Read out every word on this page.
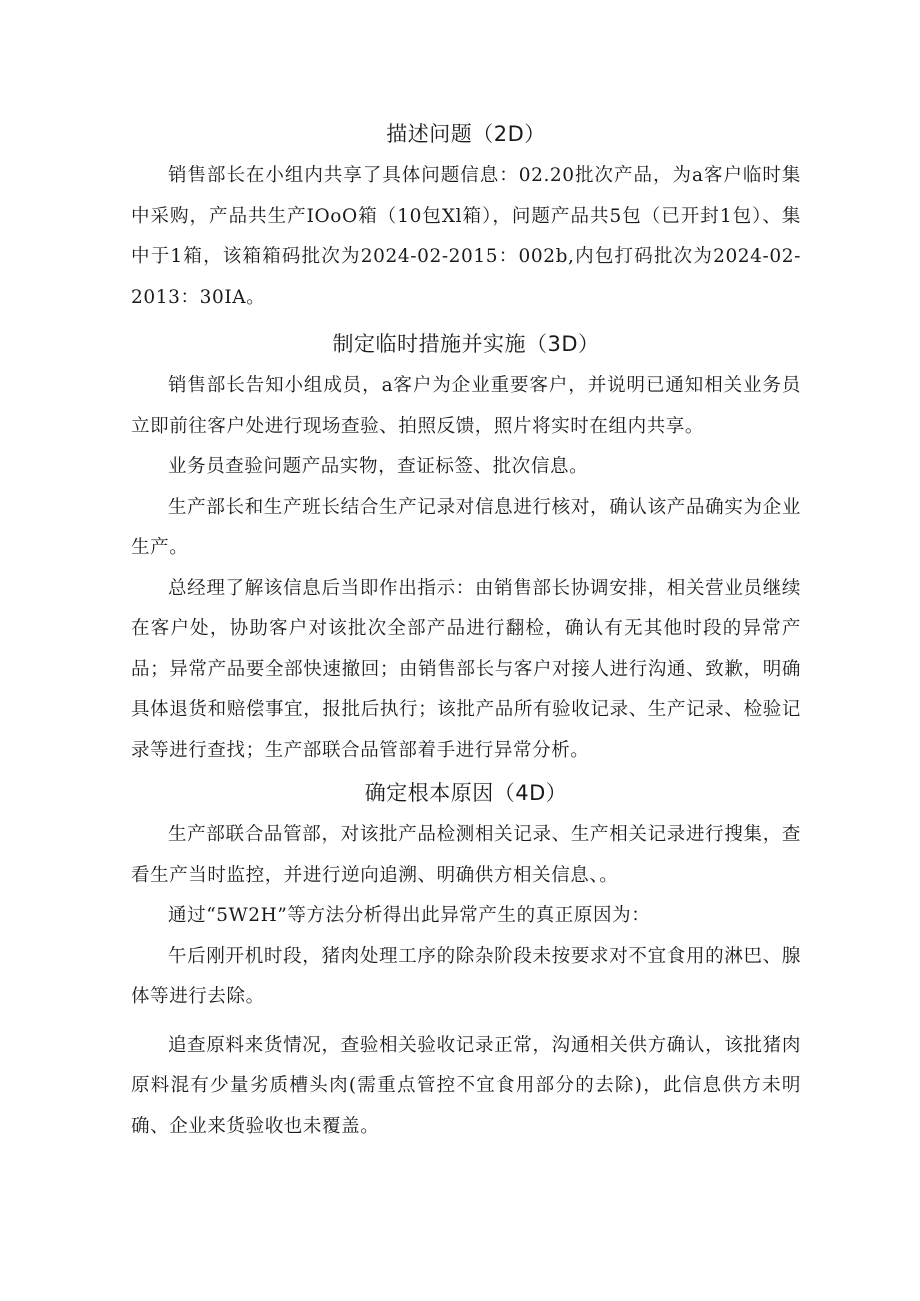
描述问题（2D）

销售部长在小组内共享了具体问题信息：02.20批次产品，为a客户临时集中采购，产品共生产IOoO箱（10包Xl箱），问题产品共5包（已开封1包）、集中于1箱，该箱箱码批次为2024-02-2015：002b,内包打码批次为2024-02-2013：30IA。

制定临时措施并实施（3D）

销售部长告知小组成员，a客户为企业重要客户，并说明已通知相关业务员立即前往客户处进行现场查验、拍照反馈，照片将实时在组内共享。

业务员查验问题产品实物，查证标签、批次信息。

生产部长和生产班长结合生产记录对信息进行核对，确认该产品确实为企业生产。

总经理了解该信息后当即作出指示：由销售部长协调安排，相关营业员继续在客户处，协助客户对该批次全部产品进行翻检，确认有无其他时段的异常产品；异常产品要全部快速撤回；由销售部长与客户对接人进行沟通、致歉，明确具体退货和赔偿事宜，报批后执行；该批产品所有验收记录、生产记录、检验记录等进行查找；生产部联合品管部着手进行异常分析。

确定根本原因（4D）

生产部联合品管部，对该批产品检测相关记录、生产相关记录进行搜集，查看生产当时监控，并进行逆向追溯、明确供方相关信息、。

通过“5W2H”等方法分析得出此异常产生的真正原因为：

午后刚开机时段，猪肉处理工序的除杂阶段未按要求对不宜食用的淋巴、腺体等进行去除。

追查原料来货情况，查验相关验收记录正常，沟通相关供方确认，该批猪肉原料混有少量劣质槽头肉(需重点管控不宜食用部分的去除)，此信息供方未明确、企业来货验收也未覆盖。
